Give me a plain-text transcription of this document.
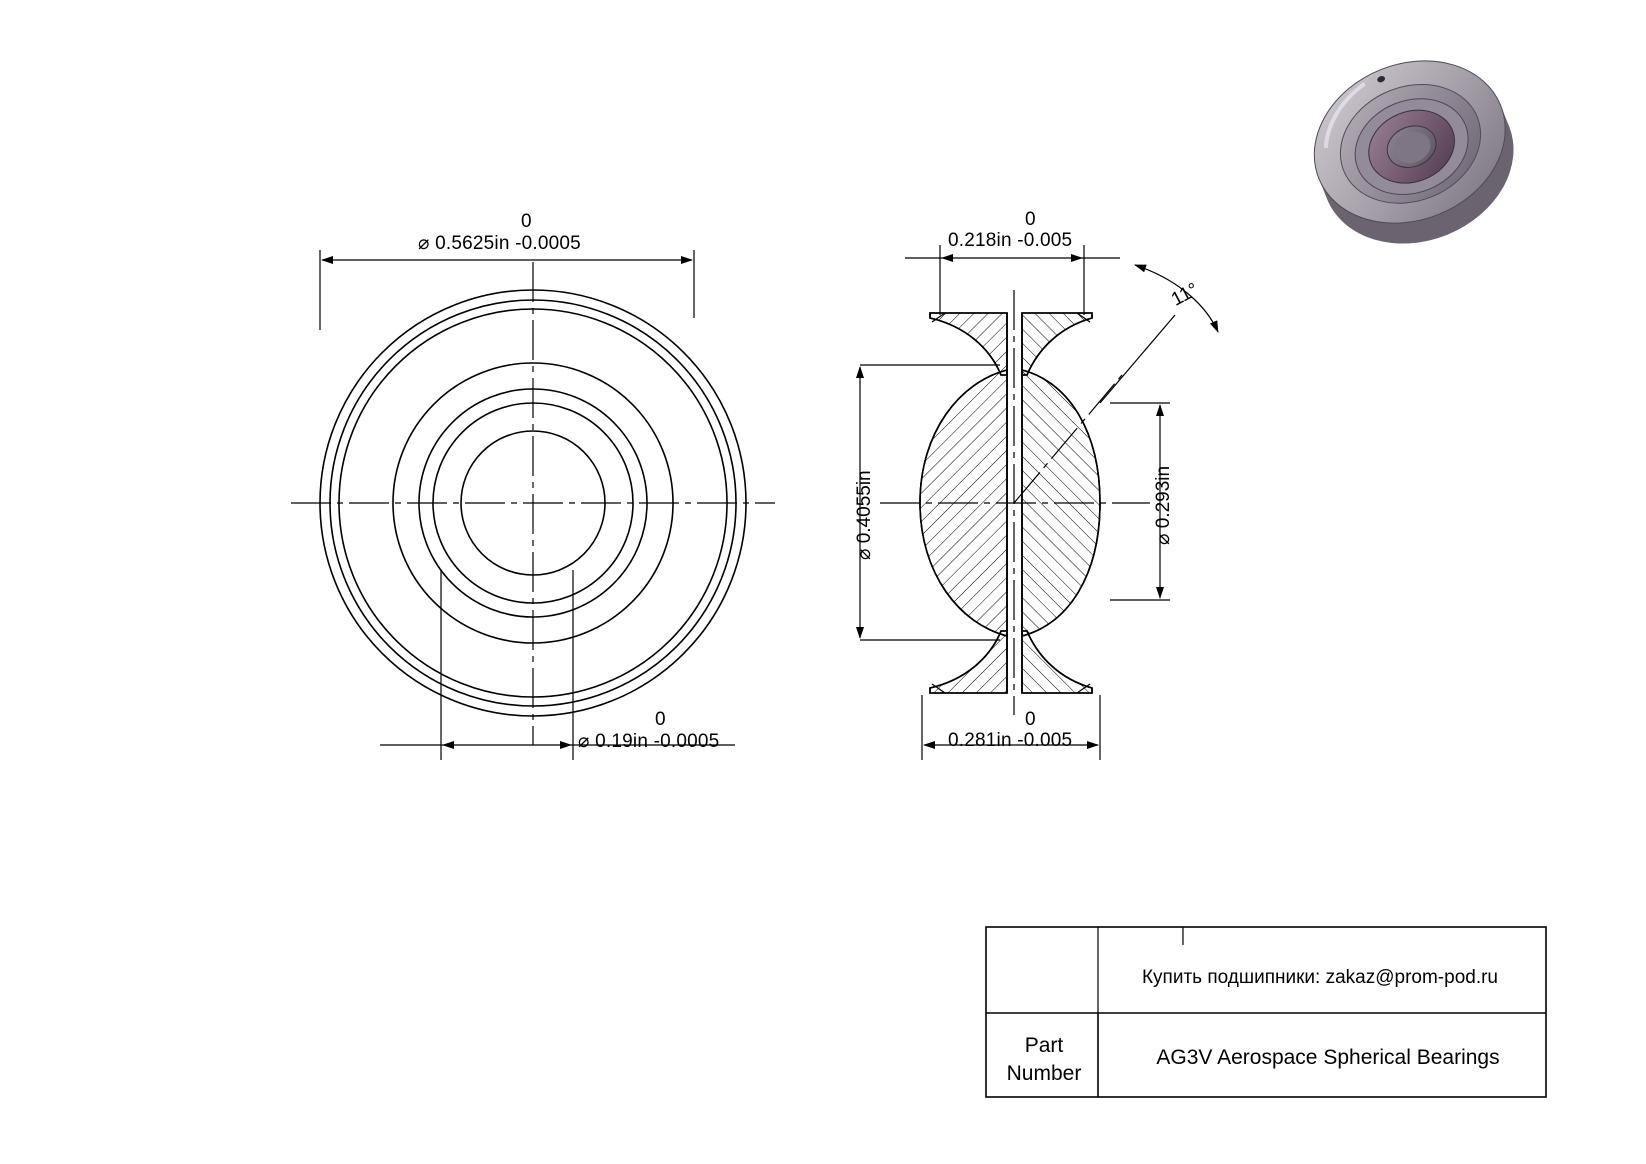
0
⌀ 0.5625in -0.0005
0
⌀ 0.19in -0.0005
0
0.218in -0.005
0
0.281in -0.005
⌀ 0.4055in	⌀ 0.293in
11°
Купить подшипники: zakaz@prom-pod.ru
Part
Number
AG3V Aerospace Spherical Bearings
